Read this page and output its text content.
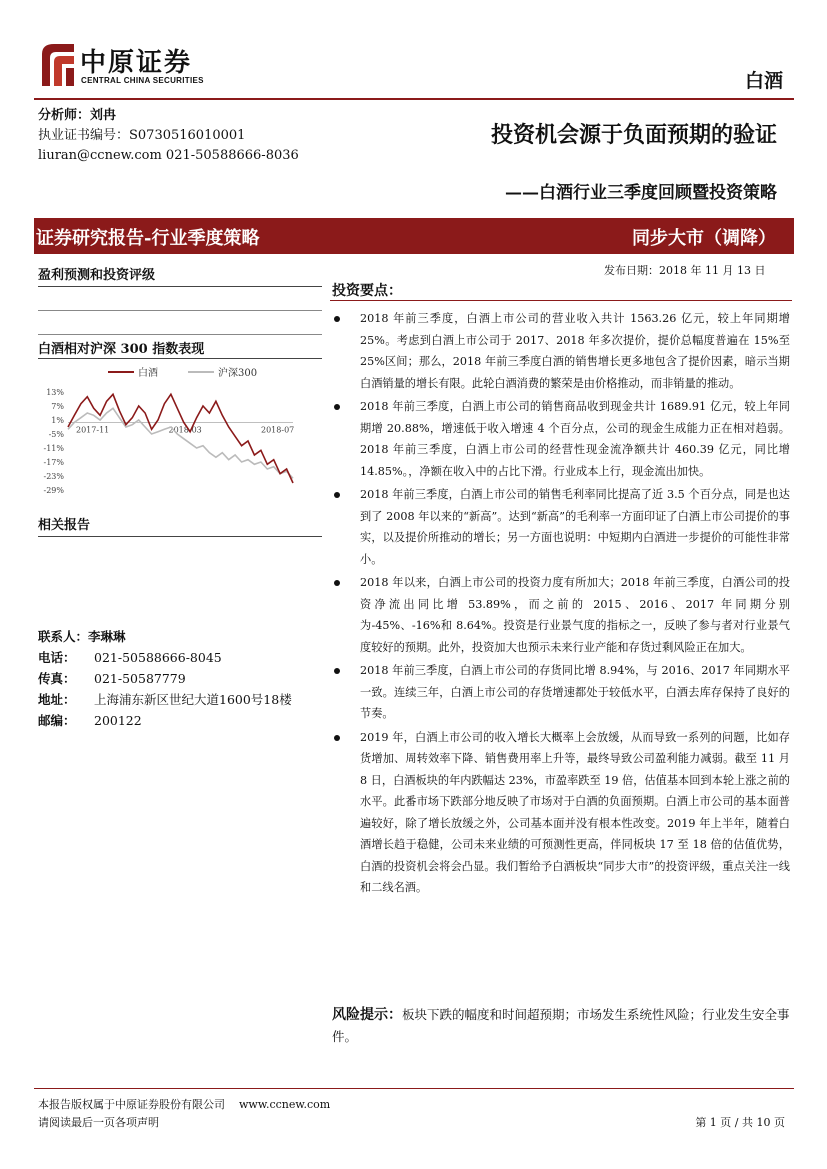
中原证券
CENTRAL CHINA SECURITIES	白酒
分析师：刘冉
执业证书编号：S0730516010001
liuran@ccnew.com 021-50588666-8036
投资机会源于负面预期的验证
——白酒行业三季度回顾暨投资策略
证券研究报告-行业季度策略	同步大市（调降）
发布日期：2018 年 11 月 13 日
盈利预测和投资评级
白酒相对沪深 300 指数表现
白酒	沪深300
13%
7%
1%
-5%
-11%
-17%
-23%
-29%
2017-11	2018-03	2018-07
相关报告
联系人：李琳琳
电话： 021-50588666-8045
传真： 021-50587779
地址： 上海浦东新区世纪大道1600号18楼
邮编： 200122
投资要点：
2018 年前三季度，白酒上市公司的营业收入共计 1563.26 亿元，较上年同期增 25%。考虑到白酒上市公司于 2017、2018 年多次提价，提价总幅度普遍在 15%至 25%区间；那么，2018 年前三季度白酒的销售增长更多地包含了提价因素，暗示当期白酒销量的增长有限。此轮白酒消费的繁荣是由价格推动，而非销量的推动。
2018 年前三季度，白酒上市公司的销售商品收到现金共计 1689.91 亿元，较上年同期增 20.88%，增速低于收入增速 4 个百分点，公司的现金生成能力正在相对趋弱。2018 年前三季度，白酒上市公司的经营性现金流净额共计 460.39 亿元，同比增 14.85%。，净额在收入中的占比下滑。行业成本上行，现金流出加快。
2018 年前三季度，白酒上市公司的销售毛利率同比提高了近 3.5 个百分点，同是也达到了 2008 年以来的“新高”。达到“新高”的毛利率一方面印证了白酒上市公司提价的事实，以及提价所推动的增长；另一方面也说明：中短期内白酒进一步提价的可能性非常小。
2018 年以来，白酒上市公司的投资力度有所加大；2018 年前三季度，白酒公司的投资净流出同比增 53.89%，而之前的 2015、2016、2017 年同期分别为-45%、-16%和 8.64%。投资是行业景气度的指标之一，反映了参与者对行业景气度较好的预期。此外，投资加大也预示未来行业产能和存货过剩风险正在加大。
2018 年前三季度，白酒上市公司的存货同比增 8.94%，与 2016、2017 年同期水平一致。连续三年，白酒上市公司的存货增速都处于较低水平，白酒去库存保持了良好的节奏。
2019 年，白酒上市公司的收入增长大概率上会放缓，从而导致一系列的问题，比如存货增加、周转效率下降、销售费用率上升等，最终导致公司盈利能力减弱。截至 11 月 8 日，白酒板块的年内跌幅达 23%，市盈率跌至 19 倍，估值基本回到本轮上涨之前的水平。此番市场下跌部分地反映了市场对于白酒的负面预期。白酒上市公司的基本面普遍较好，除了增长放缓之外，公司基本面并没有根本性改变。2019 年上半年，随着白酒增长趋于稳健，公司未来业绩的可预测性更高，伴同板块 17 至 18 倍的估值优势，白酒的投资机会将会凸显。我们暂给予白酒板块“同步大市”的投资评级，重点关注一线和二线名酒。
风险提示：板块下跌的幅度和时间超预期；市场发生系统性风险；行业发生安全事件。
本报告版权属于中原证券股份有限公司 www.ccnew.com
请阅读最后一页各项声明	第 1 页 / 共 10 页
